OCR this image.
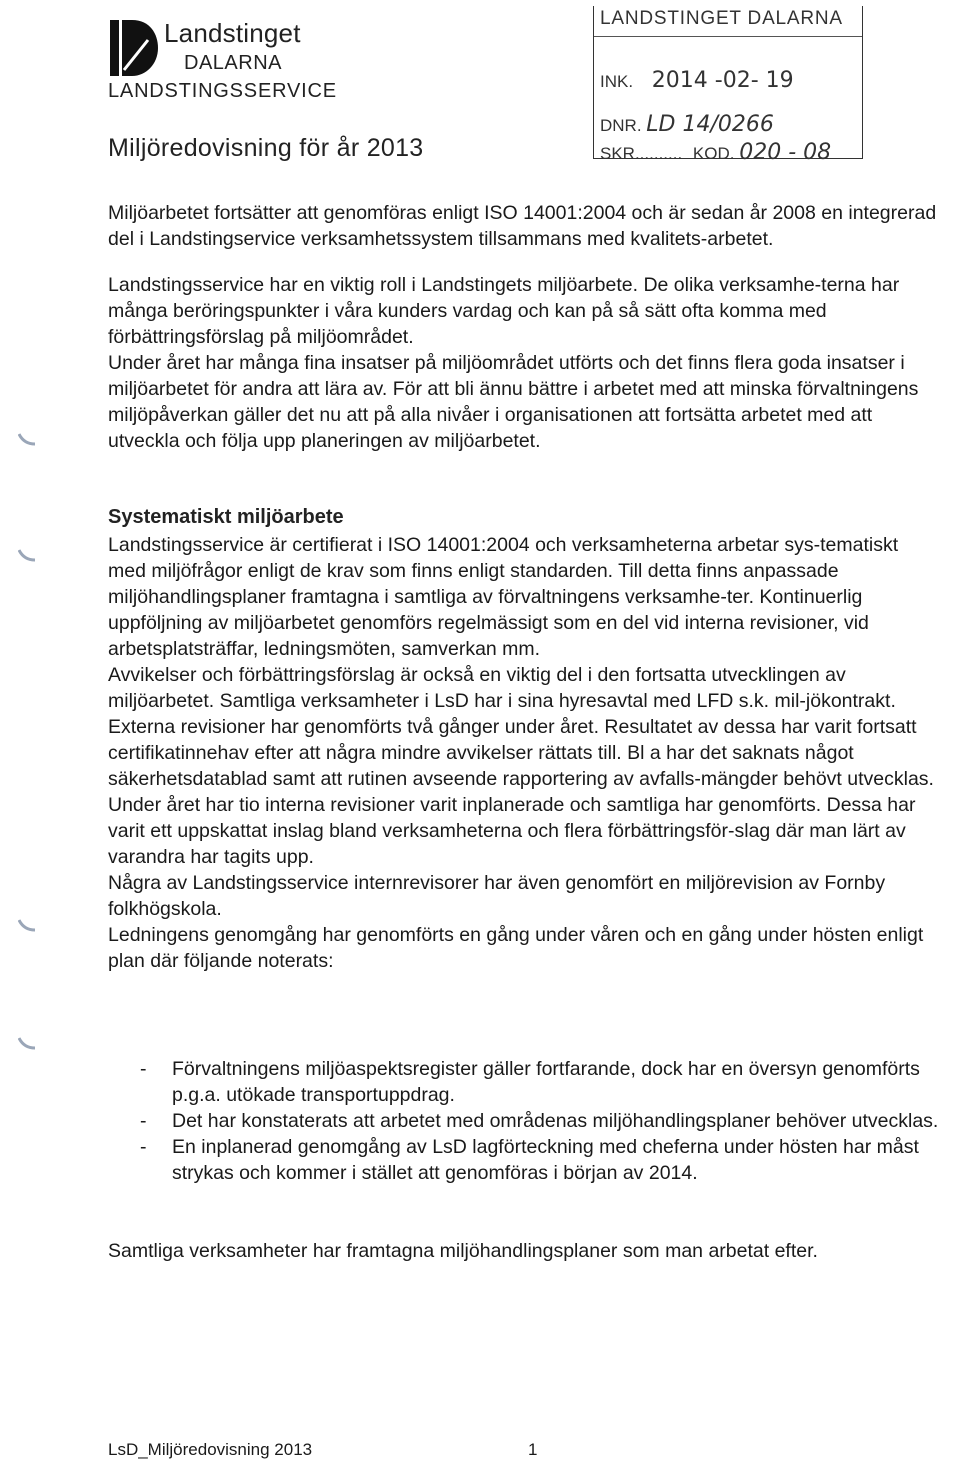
Landstinget
DALARNA
LANDSTINGSSERVICE
LANDSTINGET DALARNA
INK. 2014 -02- 19
DNR. LD 14/0266
SKR.......... KOD. 020 - 08
Miljöredovisning för år 2013

Miljöarbetet fortsätter att genomföras enligt ISO 14001:2004 och är sedan år 2008 en integrerad del i Landstingservice verksamhetssystem tillsammans med kvalitets-arbetet.

Landstingsservice har en viktig roll i Landstingets miljöarbete. De olika verksamhe-terna har många beröringspunkter i våra kunders vardag och kan på så sätt ofta komma med förbättringsförslag på miljöområdet.

Under året har många fina insatser på miljöområdet utförts och det finns flera goda insatser i miljöarbetet för andra att lära av. För att bli ännu bättre i arbetet med att minska förvaltningens miljöpåverkan gäller det nu att på alla nivåer i organisationen att fortsätta arbetet med att utveckla och följa upp planeringen av miljöarbetet.

Systematiskt miljöarbete

Landstingsservice är certifierat i ISO 14001:2004 och verksamheterna arbetar sys-tematiskt med miljöfrågor enligt de krav som finns enligt standarden. Till detta finns anpassade miljöhandlingsplaner framtagna i samtliga av förvaltningens verksamhe-ter. Kontinuerlig uppföljning av miljöarbetet genomförs regelmässigt som en del vid interna revisioner, vid arbetsplatsträffar, ledningsmöten, samverkan mm.

Avvikelser och förbättringsförslag är också en viktig del i den fortsatta utvecklingen av miljöarbetet. Samtliga verksamheter i LsD har i sina hyresavtal med LFD s.k. mil-jökontrakt.

Externa revisioner har genomförts två gånger under året. Resultatet av dessa har varit fortsatt certifikatinnehav efter att några mindre avvikelser rättats till. Bl a har det saknats något säkerhetsdatablad samt att rutinen avseende rapportering av avfalls-mängder behövt utvecklas.

Under året har tio interna revisioner varit inplanerade och samtliga har genomförts. Dessa har varit ett uppskattat inslag bland verksamheterna och flera förbättringsför-slag där man lärt av varandra har tagits upp.

Några av Landstingsservice internrevisorer har även genomfört en miljörevision av Fornby folkhögskola.

Ledningens genomgång har genomförts en gång under våren och en gång under hösten enligt plan där följande noterats:

- Förvaltningens miljöaspektsregister gäller fortfarande, dock har en översyn genomförts p.g.a. utökade transportuppdrag.
- Det har konstaterats att arbetet med områdenas miljöhandlingsplaner behöver utvecklas.
- En inplanerad genomgång av LsD lagförteckning med cheferna under hösten har måst strykas och kommer i stället att genomföras i början av 2014.

Samtliga verksamheter har framtagna miljöhandlingsplaner som man arbetat efter.

LsD_Miljöredovisning 2013	1
